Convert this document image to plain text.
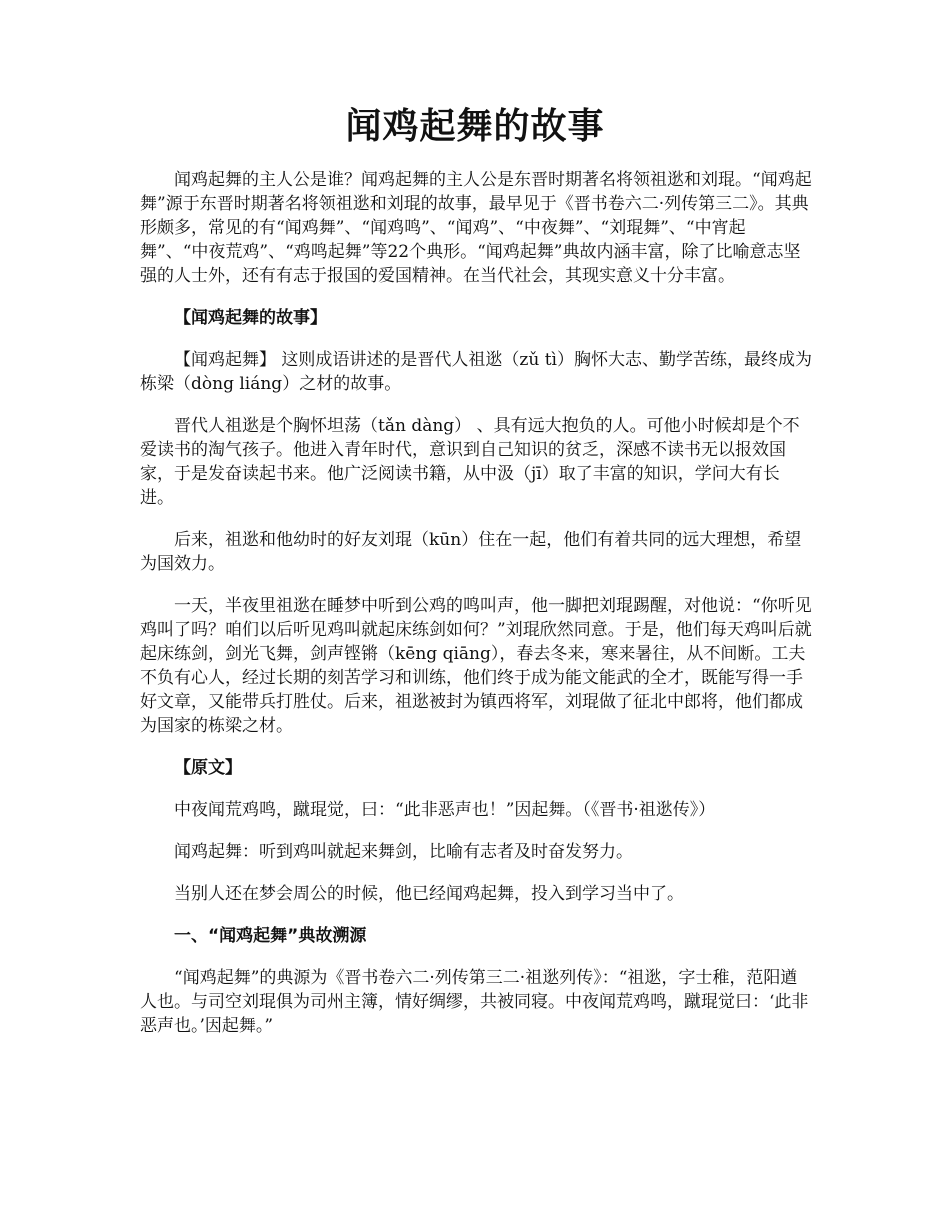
闻鸡起舞的故事

闻鸡起舞的主人公是谁？闻鸡起舞的主人公是东晋时期著名将领祖逖和刘琨。“闻鸡起舞”源于东晋时期著名将领祖逖和刘琨的故事，最早见于《晋书卷六二·列传第三二》。其典形颇多，常见的有“闻鸡舞”、“闻鸡鸣”、“闻鸡”、“中夜舞”、“刘琨舞”、“中宵起舞”、“中夜荒鸡”、“鸡鸣起舞”等22个典形。“闻鸡起舞”典故内涵丰富，除了比喻意志坚强的人士外，还有有志于报国的爱国精神。在当代社会，其现实意义十分丰富。

【闻鸡起舞的故事】

【闻鸡起舞】 这则成语讲述的是晋代人祖逖（zǔ tì）胸怀大志、勤学苦练，最终成为栋梁（dòng liáng）之材的故事。

晋代人祖逖是个胸怀坦荡（tǎn dàng） 、具有远大抱负的人。可他小时候却是个不爱读书的淘气孩子。他进入青年时代，意识到自己知识的贫乏，深感不读书无以报效国家，于是发奋读起书来。他广泛阅读书籍，从中汲（jī）取了丰富的知识，学问大有长进。

后来，祖逖和他幼时的好友刘琨（kūn）住在一起，他们有着共同的远大理想，希望为国效力。

一天，半夜里祖逖在睡梦中听到公鸡的鸣叫声，他一脚把刘琨踢醒，对他说：“你听见鸡叫了吗？咱们以后听见鸡叫就起床练剑如何？”刘琨欣然同意。于是，他们每天鸡叫后就起床练剑，剑光飞舞，剑声铿锵（kēng qiāng），春去冬来，寒来暑往，从不间断。工夫不负有心人，经过长期的刻苦学习和训练，他们终于成为能文能武的全才，既能写得一手好文章，又能带兵打胜仗。后来，祖逖被封为镇西将军，刘琨做了征北中郎将，他们都成为国家的栋梁之材。

【原文】

中夜闻荒鸡鸣，蹴琨觉，曰：“此非恶声也！”因起舞。（《晋书·祖逖传》）

闻鸡起舞：听到鸡叫就起来舞剑，比喻有志者及时奋发努力。

当别人还在梦会周公的时候，他已经闻鸡起舞，投入到学习当中了。

一、“闻鸡起舞”典故溯源

“闻鸡起舞”的典源为《晋书卷六二·列传第三二·祖逖列传》：“祖逖，字士稚，范阳遒人也。与司空刘琨俱为司州主簿，情好绸缪，共被同寝。中夜闻荒鸡鸣，蹴琨觉曰：‘此非恶声也。’因起舞。”
